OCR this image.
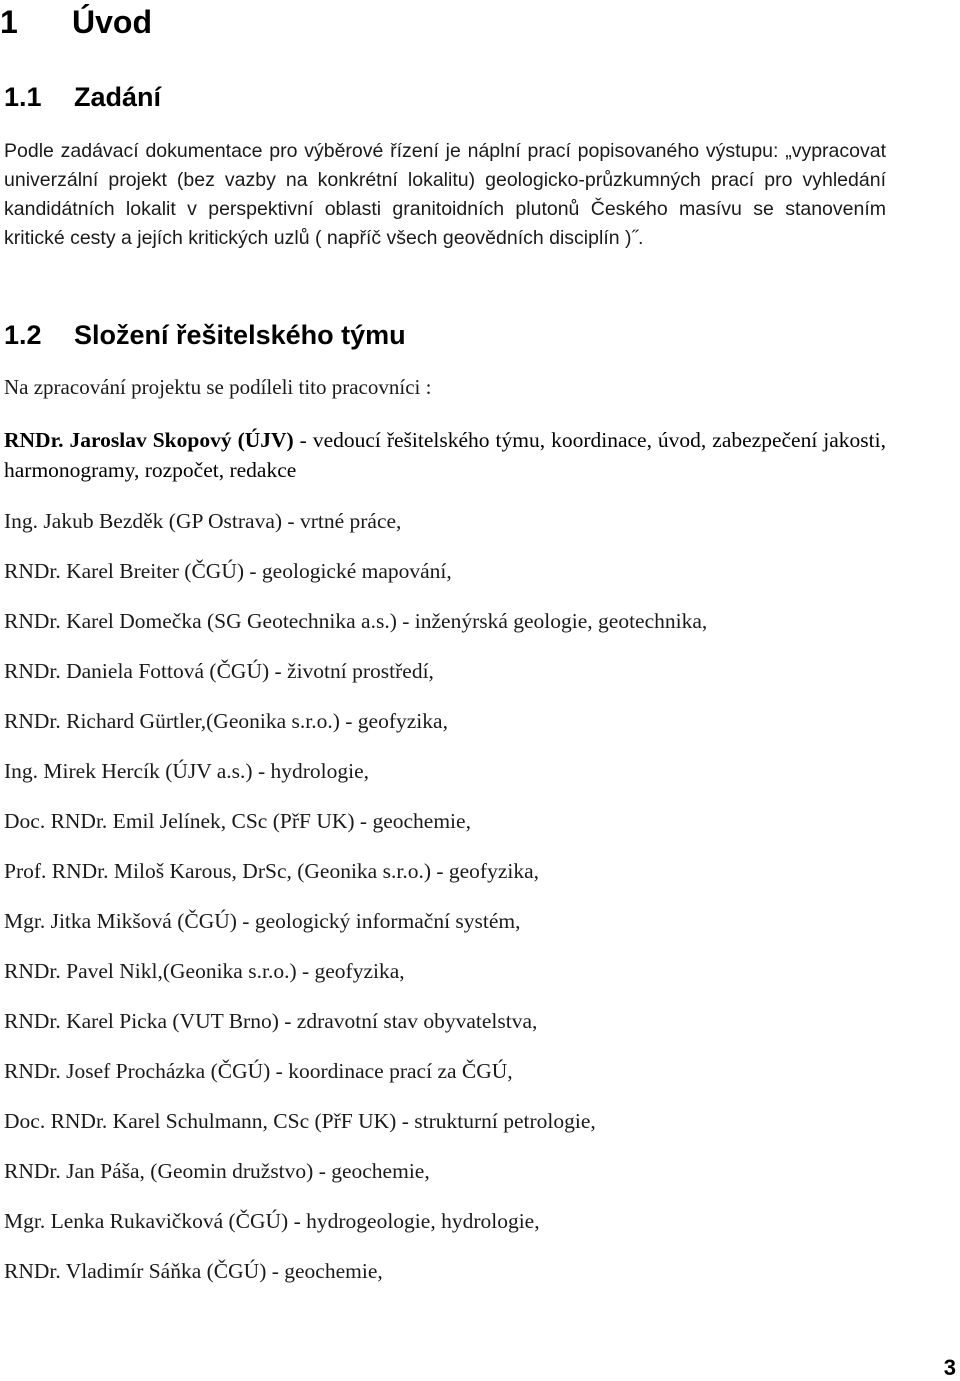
1 Úvod
1.1 Zadání
Podle zadávací dokumentace pro výběrové řízení je náplní prací popisovaného výstupu: „vypracovat univerzální projekt (bez vazby na konkrétní lokalitu) geologicko-průzkumných prací pro vyhledání kandidátních lokalit v perspektivní oblasti granitoidních plutonů Českého masívu se stanovením kritické cesty a jejích kritických uzlů ( napříč všech geovědních disciplín )˝.
1.2 Složení řešitelského týmu
Na zpracování projektu se podíleli tito pracovníci :
RNDr. Jaroslav Skopový (ÚJV) - vedoucí řešitelského týmu, koordinace, úvod, zabezpečení jakosti, harmonogramy, rozpočet, redakce
Ing. Jakub Bezděk (GP Ostrava) - vrtné práce,
RNDr. Karel Breiter (ČGÚ) - geologické mapování,
RNDr. Karel Domečka (SG Geotechnika a.s.) - inženýrská geologie, geotechnika,
RNDr. Daniela Fottová (ČGÚ) - životní prostředí,
RNDr. Richard Gürtler,(Geonika s.r.o.) - geofyzika,
Ing. Mirek Hercík (ÚJV a.s.) - hydrologie,
Doc. RNDr. Emil Jelínek, CSc (PřF UK) - geochemie,
Prof. RNDr. Miloš Karous, DrSc, (Geonika s.r.o.) - geofyzika,
Mgr. Jitka Mikšová (ČGÚ) - geologický informační systém,
RNDr. Pavel Nikl,(Geonika s.r.o.) - geofyzika,
RNDr. Karel Picka (VUT Brno) - zdravotní stav obyvatelstva,
RNDr. Josef Procházka (ČGÚ) - koordinace prací za ČGÚ,
Doc. RNDr. Karel Schulmann, CSc (PřF UK) - strukturní petrologie,
RNDr. Jan Páša, (Geomin družstvo) - geochemie,
Mgr. Lenka Rukavičková (ČGÚ) - hydrogeologie, hydrologie,
RNDr. Vladimír Sáňka (ČGÚ) - geochemie,
3
